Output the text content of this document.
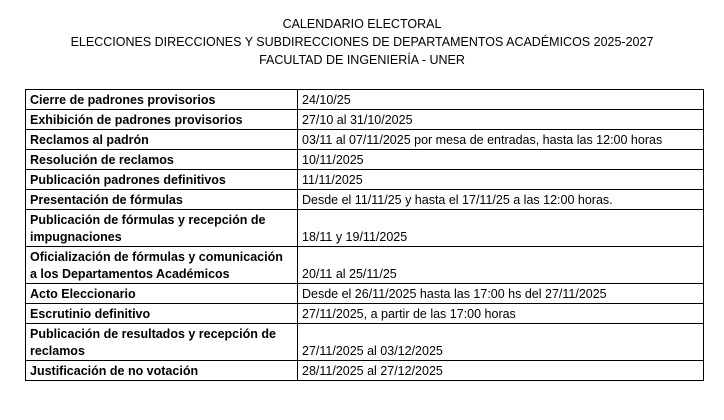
CALENDARIO ELECTORAL
ELECCIONES DIRECCIONES Y SUBDIRECCIONES DE DEPARTAMENTOS ACADÉMICOS 2025-2027
FACULTAD DE INGENIERÍA - UNER
Cierre de padrones provisorios	24/10/25
Exhibición de padrones provisorios	27/10 al 31/10/2025
Reclamos al padrón	03/11 al 07/11/2025 por mesa de entradas, hasta las 12:00 horas
Resolución de reclamos	10/11/2025
Publicación padrones definitivos	11/11/2025
Presentación de fórmulas	Desde el 11/11/25 y hasta el 17/11/25 a las 12:00 horas.
Publicación de fórmulas y recepción de impugnaciones	18/11 y 19/11/2025
Oficialización de fórmulas y comunicación a los Departamentos Académicos	20/11 al 25/11/25
Acto Eleccionario	Desde el 26/11/2025 hasta las 17:00 hs del 27/11/2025
Escrutinio definitivo	27/11/2025, a partir de las 17:00 horas
Publicación de resultados y recepción de reclamos	27/11/2025 al 03/12/2025
Justificación de no votación	28/11/2025 al 27/12/2025
